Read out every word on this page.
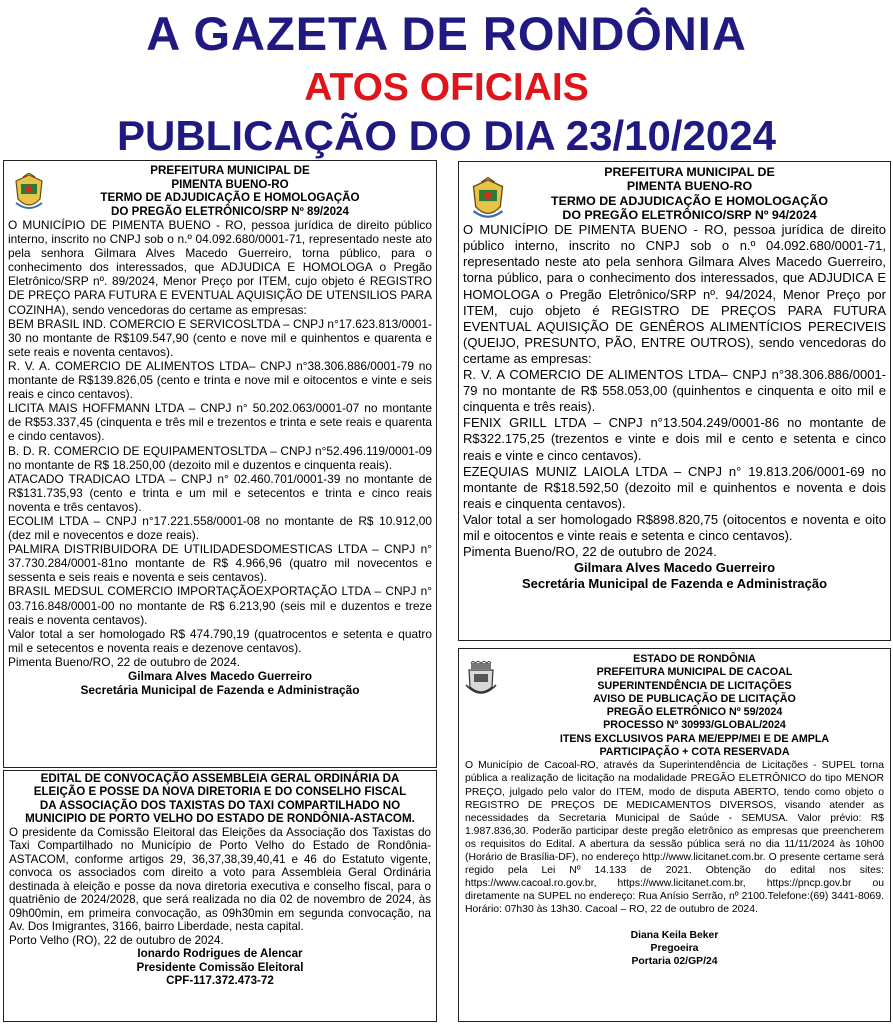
A GAZETA DE RONDÔNIA
ATOS OFICIAIS
PUBLICAÇÃO DO DIA 23/10/2024
PREFEITURA MUNICIPAL DE
PIMENTA BUENO-RO
TERMO DE ADJUDICAÇÃO E HOMOLOGAÇÃO
DO PREGÃO ELETRÔNICO/SRP Nº 89/2024

O MUNICÍPIO DE PIMENTA BUENO - RO, pessoa jurídica de direito público interno, inscrito no CNPJ sob o n.º 04.092.680/0001-71, representado neste ato pela senhora Gilmara Alves Macedo Guerreiro, torna público, para o conhecimento dos interessados, que ADJUDICA E HOMOLOGA o Pregão Eletrônico/SRP nº. 89/2024, Menor Preço por ITEM, cujo objeto é REGISTRO DE PREÇO PARA FUTURA E EVENTUAL AQUISIÇÃO DE UTENSILIOS PARA COZINHA), sendo vencedoras do certame as empresas:

BEM BRASIL IND. COMERCIO E SERVICOSLTDA – CNPJ n°17.623.813/0001-30 no montante de R$109.547,90 (cento e nove mil e quinhentos e quarenta e sete reais e noventa centavos).

R. V. A. COMERCIO DE ALIMENTOS LTDA– CNPJ n°38.306.886/0001-79 no montante de R$139.826,05 (cento e trinta e nove mil e oitocentos e vinte e seis reais e cinco centavos).

LICITA MAIS HOFFMANN LTDA – CNPJ n° 50.202.063/0001-07 no montante de R$53.337,45 (cinquenta e três mil e trezentos e trinta e sete reais e quarenta e cindo centavos).

B. D. R. COMERCIO DE EQUIPAMENTOSLTDA – CNPJ n°52.496.119/0001-09 no montante de R$ 18.250,00 (dezoito mil e duzentos e cinquenta reais).

ATACADO TRADICAO LTDA – CNPJ n° 02.460.701/0001-39 no montante de R$131.735,93 (cento e trinta e um mil e setecentos e trinta e cinco reais noventa e três centavos).

ECOLIM LTDA – CNPJ n°17.221.558/0001-08 no montante de R$ 10.912,00 (dez mil e novecentos e doze reais).

PALMIRA DISTRIBUIDORA DE UTILIDADESDOMESTICAS LTDA – CNPJ n° 37.730.284/0001-81no montante de R$ 4.966,96 (quatro mil novecentos e sessenta e seis reais e noventa e seis centavos).

BRASIL MEDSUL COMERCIO IMPORTAÇÃOEXPORTAÇÃO LTDA – CNPJ n° 03.716.848/0001-00 no montante de R$ 6.213,90 (seis mil e duzentos e treze reais e noventa centavos).

Valor total a ser homologado R$ 474.790,19 (quatrocentos e setenta e quatro mil e setecentos e noventa reais e dezenove centavos).

Pimenta Bueno/RO, 22 de outubro de 2024.

Gilmara Alves Macedo Guerreiro
Secretária Municipal de Fazenda e Administração
PREFEITURA MUNICIPAL DE
PIMENTA BUENO-RO
TERMO DE ADJUDICAÇÃO E HOMOLOGAÇÃO
DO PREGÃO ELETRÔNICO/SRP Nº 94/2024

O MUNICÍPIO DE PIMENTA BUENO - RO, pessoa jurídica de direito público interno, inscrito no CNPJ sob o n.º 04.092.680/0001-71, representado neste ato pela senhora Gilmara Alves Macedo Guerreiro, torna público, para o conhecimento dos interessados, que ADJUDICA E HOMOLOGA o Pregão Eletrônico/SRP nº. 94/2024, Menor Preço por ITEM, cujo objeto é REGISTRO DE PREÇOS PARA FUTURA EVENTUAL AQUISIÇÃO DE GENÊROS ALIMENTÍCIOS PERECIVEIS (QUEIJO, PRESUNTO, PÃO, ENTRE OUTROS), sendo vencedoras do certame as empresas:

R. V. A COMERCIO DE ALIMENTOS LTDA– CNPJ n°38.306.886/0001-79 no montante de R$ 558.053,00 (quinhentos e cinquenta e oito mil e cinquenta e três reais).

FENIX GRILL LTDA – CNPJ n°13.504.249/0001-86 no montante de R$322.175,25 (trezentos e vinte e dois mil e cento e setenta e cinco reais e vinte e cinco centavos).

EZEQUIAS MUNIZ LAIOLA LTDA – CNPJ n° 19.813.206/0001-69 no montante de R$18.592,50 (dezoito mil e quinhentos e noventa e dois reais e cinquenta centavos).

Valor total a ser homologado R$898.820,75 (oitocentos e noventa e oito mil e oitocentos e vinte reais e setenta e cinco centavos).

Pimenta Bueno/RO, 22 de outubro de 2024.

Gilmara Alves Macedo Guerreiro
Secretária Municipal de Fazenda e Administração
EDITAL DE CONVOCAÇÃO ASSEMBLEIA GERAL ORDINÁRIA DA
ELEIÇÃO E POSSE DA NOVA DIRETORIA E DO CONSELHO FISCAL
DA ASSOCIAÇÃO DOS TAXISTAS DO TAXI COMPARTILHADO NO
MUNICIPIO DE PORTO VELHO DO ESTADO DE RONDÔNIA-ASTACOM.

O presidente da Comissão Eleitoral das Eleições da Associação dos Taxistas do Taxi Compartilhado no Município de Porto Velho do Estado de Rondônia-ASTACOM, conforme artigos 29, 36,37,38,39,40,41 e 46 do Estatuto vigente, convoca os associados com direito a voto para Assembleia Geral Ordinária destinada à eleição e posse da nova diretoria executiva e conselho fiscal, para o quatriênio de 2024/2028, que será realizada no dia 02 de novembro de 2024, às 09h00min, em primeira convocação, as 09h30min em segunda convocação, na Av. Dos Imigrantes, 3166, bairro Liberdade, nesta capital.

Porto Velho (RO), 22 de outubro de 2024.

Ionardo Rodrigues de Alencar
Presidente Comissão Eleitoral
CPF-117.372.473-72
ESTADO DE RONDÔNIA
PREFEITURA MUNICIPAL DE CACOAL
SUPERINTENDÊNCIA DE LICITAÇÕES
AVISO DE PUBLICAÇÃO DE LICITAÇÃO
PREGÃO ELETRÔNICO Nº 59/2024
PROCESSO Nº 30993/GLOBAL/2024
ITENS EXCLUSIVOS PARA ME/EPP/MEI E DE AMPLA
PARTICIPAÇÃO + COTA RESERVADA

O Município de Cacoal-RO, através da Superintendência de Licitações - SUPEL torna pública a realização de licitação na modalidade PREGÃO ELETRÔNICO do tipo MENOR PREÇO, julgado pelo valor do ITEM, modo de disputa ABERTO, tendo como objeto o REGISTRO DE PREÇOS DE MEDICAMENTOS DIVERSOS, visando atender as necessidades da Secretaria Municipal de Saúde - SEMUSA. Valor prévio: R$ 1.987.836,30. Poderão participar deste pregão eletrônico as empresas que preencherem os requisitos do Edital. A abertura da sessão pública será no dia 11/11/2024 às 10h00 (Horário de Brasília-DF), no endereço http://www.licitanet.com.br. O presente certame será regido pela Lei Nº 14.133 de 2021. Obtenção do edital nos sites: https://www.cacoal.ro.gov.br, https://www.licitanet.com.br, https://pncp.gov.br ou diretamente na SUPEL no endereço: Rua Anísio Serrão, nº 2100.Telefone:(69) 3441-8069. Horário: 07h30 às 13h30. Cacoal – RO, 22 de outubro de 2024.

Diana Keila Beker
Pregoeira
Portaria 02/GP/24
